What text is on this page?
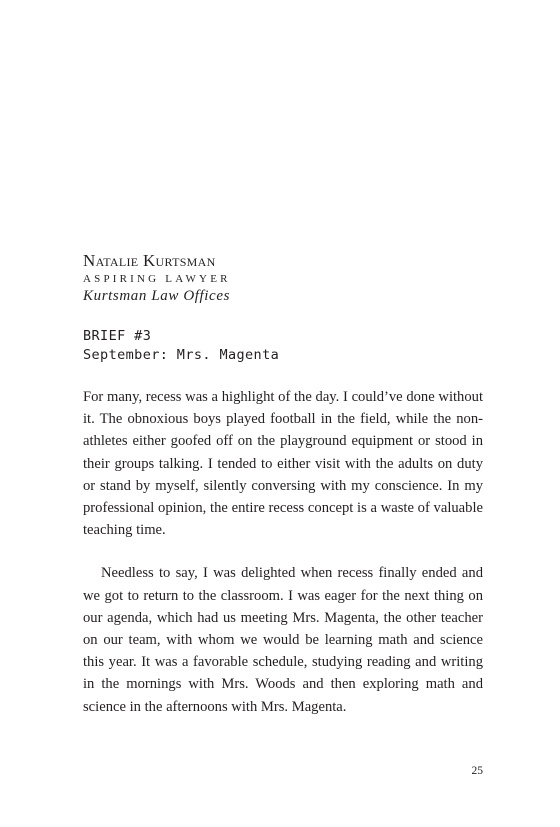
Natalie Kurtsman

ASPIRING LAWYER

Kurtsman Law Offices

BRIEF #3

September: Mrs. Magenta

For many, recess was a highlight of the day. I could’ve done without it. The obnoxious boys played football in the field, while the non-athletes either goofed off on the playground equipment or stood in their groups talking. I tended to either visit with the adults on duty or stand by myself, silently conversing with my conscience. In my professional opinion, the entire recess concept is a waste of valuable teaching time.

Needless to say, I was delighted when recess finally ended and we got to return to the classroom. I was eager for the next thing on our agenda, which had us meeting Mrs. Magenta, the other teacher on our team, with whom we would be learning math and science this year. It was a favorable schedule, studying reading and writing in the mornings with Mrs. Woods and then exploring math and science in the afternoons with Mrs. Magenta.

25
